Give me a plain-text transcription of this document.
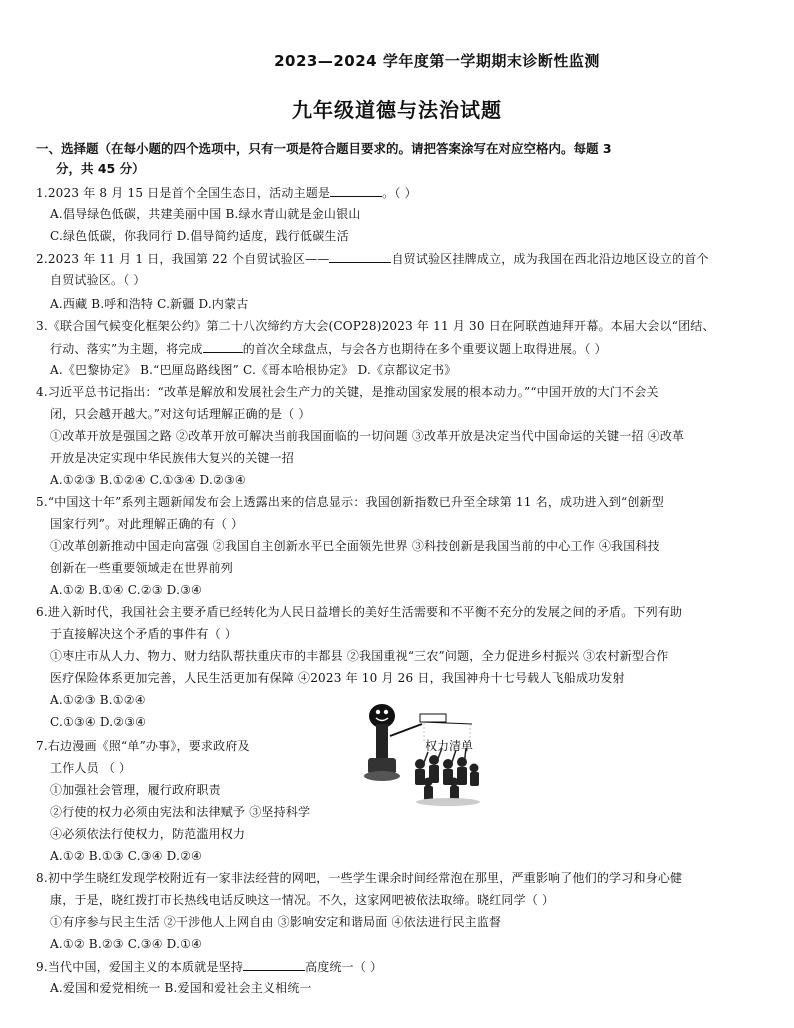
2023—2024 学年度第一学期期末诊断性监测
九年级道德与法治试题
一、选择题（在每小题的四个选项中，只有一项是符合题目要求的。请把答案涂写在对应空格内。每题 3
分，共 45 分）
1.2023 年 8 月 15 日是首个全国生态日，活动主题是	。（ ）
A.倡导绿色低碳，共建美丽中国 B.绿水青山就是金山银山
C.绿色低碳，你我同行 D.倡导简约适度，践行低碳生活
2.2023 年 11 月 1 日，我国第 22 个自贸试验区——	自贸试验区挂牌成立，成为我国在西北沿边地区设立的首个
自贸试验区。（ ）
A.西藏 B.呼和浩特 C.新疆 D.内蒙古
3.《联合国气候变化框架公约》第二十八次缔约方大会(COP28)2023 年 11 月 30 日在阿联酋迪拜开幕。本届大会以“团结、
行动、落实”为主题，将完成	的首次全球盘点，与会各方也期待在多个重要议题上取得进展。（ ）
A.《巴黎协定》 B.“巴厘岛路线图” C.《哥本哈根协定》 D.《京都议定书》
4.习近平总书记指出：“改革是解放和发展社会生产力的关键，是推动国家发展的根本动力。”“中国开放的大门不会关
闭，只会越开越大。”对这句话理解正确的是（ ）
①改革开放是强国之路 ②改革开放可解决当前我国面临的一切问题 ③改革开放是决定当代中国命运的关键一招 ④改革
开放是决定实现中华民族伟大复兴的关键一招
A.①②③ B.①②④ C.①③④ D.②③④
5.“中国这十年”系列主题新闻发布会上透露出来的信息显示：我国创新指数已升至全球第 11 名，成功进入到“创新型
国家行列”。对此理解正确的有（ ）
①改革创新推动中国走向富强 ②我国自主创新水平已全面领先世界 ③科技创新是我国当前的中心工作 ④我国科技
创新在一些重要领域走在世界前列
A.①② B.①④ C.②③ D.③④
6.进入新时代，我国社会主要矛盾已经转化为人民日益增长的美好生活需要和不平衡不充分的发展之间的矛盾。下列有助
于直接解决这个矛盾的事件有（ ）
①枣庄市从人力、物力、财力结队帮扶重庆市的丰都县 ②我国重视“三农”问题，全力促进乡村振兴 ③农村新型合作
医疗保险体系更加完善，人民生活更加有保障 ④2023 年 10 月 26 日，我国神舟十七号载人飞船成功发射
A.①②③ B.①②④
C.①③④ D.②③④
7.右边漫画《照“单”办事》，要求政府及
工作人员 （ ）
①加强社会管理，履行政府职责
②行使的权力必须由宪法和法律赋予 ③坚持科学
④必须依法行使权力，防范滥用权力
A.①② B.①③ C.③④ D.②④
权力清单
8.初中学生晓红发现学校附近有一家非法经营的网吧，一些学生课余时间经常泡在那里，严重影响了他们的学习和身心健
康，于是，晓红拨打市长热线电话反映这一情况。不久，这家网吧被依法取缔。晓红同学（ ）
①有序参与民主生活 ②干涉他人上网自由 ③影响安定和谐局面 ④依法进行民主监督
A.①② B.②③ C.③④ D.①④
9.当代中国，爱国主义的本质就是坚持	高度统一（ ）
A.爱国和爱党相统一 B.爱国和爱社会主义相统一
